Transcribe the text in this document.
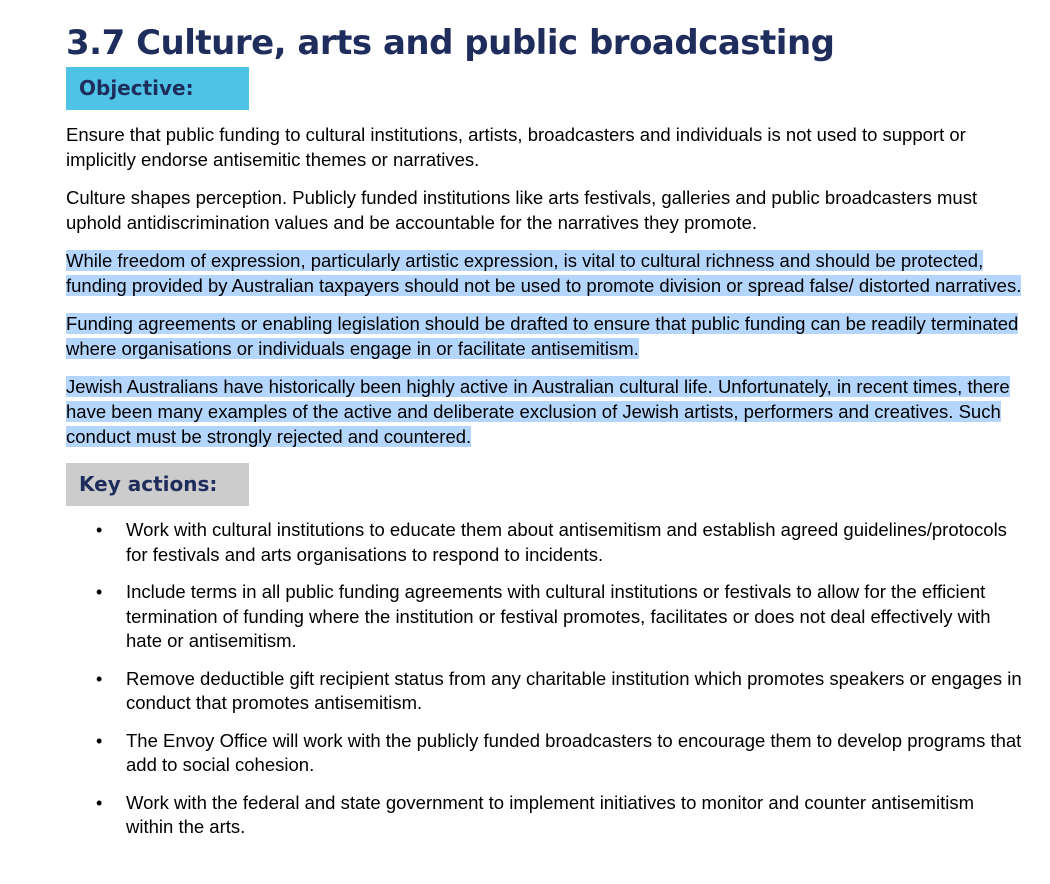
3.7 Culture, arts and public broadcasting
Objective:

Ensure that public funding to cultural institutions, artists, broadcasters and individuals is not used to support or implicitly endorse antisemitic themes or narratives.

Culture shapes perception. Publicly funded institutions like arts festivals, galleries and public broadcasters must uphold antidiscrimination values and be accountable for the narratives they promote.

While freedom of expression, particularly artistic expression, is vital to cultural richness and should be protected, funding provided by Australian taxpayers should not be used to promote division or spread false/ distorted narratives.

Funding agreements or enabling legislation should be drafted to ensure that public funding can be readily terminated where organisations or individuals engage in or facilitate antisemitism.

Jewish Australians have historically been highly active in Australian cultural life. Unfortunately, in recent times, there have been many examples of the active and deliberate exclusion of Jewish artists, performers and creatives. Such conduct must be strongly rejected and countered.

Key actions:
• Work with cultural institutions to educate them about antisemitism and establish agreed guidelines/protocols for festivals and arts organisations to respond to incidents.
• Include terms in all public funding agreements with cultural institutions or festivals to allow for the efficient termination of funding where the institution or festival promotes, facilitates or does not deal effectively with hate or antisemitism.
• Remove deductible gift recipient status from any charitable institution which promotes speakers or engages in conduct that promotes antisemitism.
• The Envoy Office will work with the publicly funded broadcasters to encourage them to develop programs that add to social cohesion.
• Work with the federal and state government to implement initiatives to monitor and counter antisemitism within the arts.
